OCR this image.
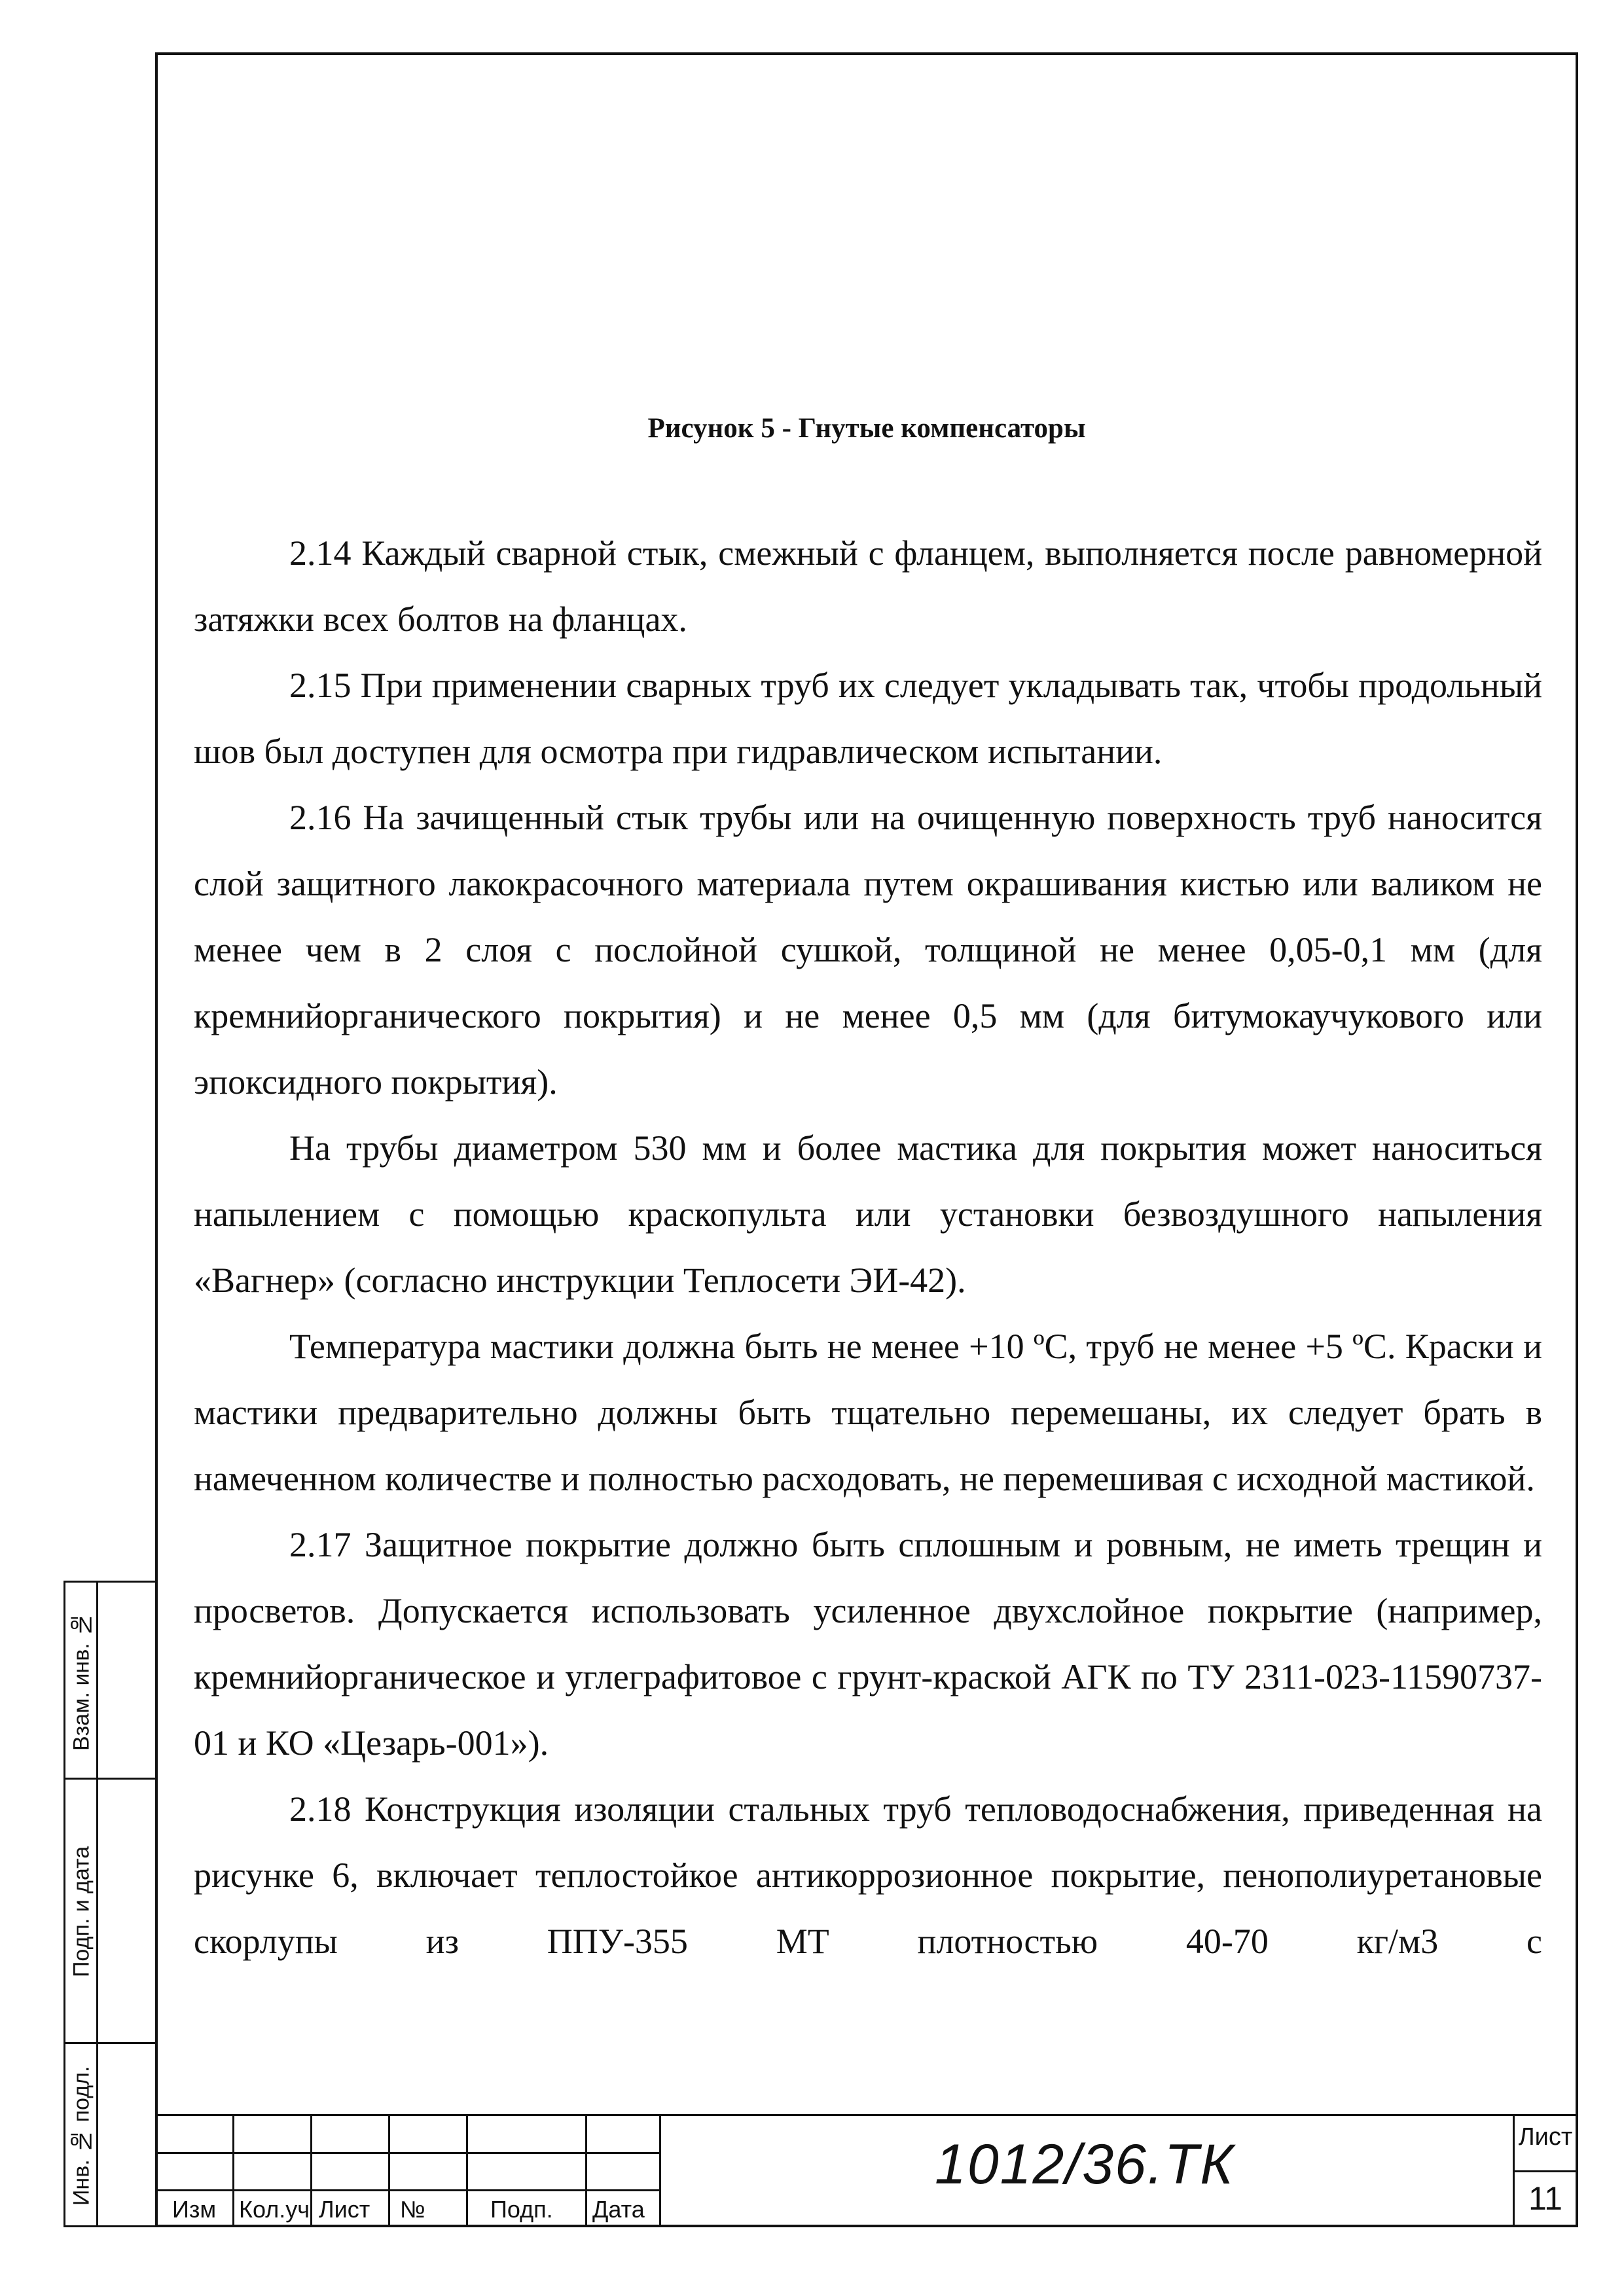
Рисунок 5 - Гнутые компенсаторы

2.14 Каждый сварной стык, смежный с фланцем, выполняется после равномерной затяжки всех болтов на фланцах.

2.15 При применении сварных труб их следует укладывать так, чтобы продольный шов был доступен для осмотра при гидравлическом испытании.

2.16 На зачищенный стык трубы или на очищенную поверхность труб наносится слой защитного лакокрасочного материала путем окрашивания кистью или валиком не менее чем в 2 слоя с послойной сушкой, толщиной не менее 0,05-0,1 мм (для кремнийорганического покрытия) и не менее 0,5 мм (для битумокаучукового или эпоксидного покрытия).

На трубы диаметром 530 мм и более мастика для покрытия может наноситься напылением с помощью краскопульта или установки безвоздушного напыления «Вагнер» (согласно инструкции Теплосети ЭИ-42).

Температура мастики должна быть не менее +10 ºС, труб не менее +5 ºС. Краски и мастики предварительно должны быть тщательно перемешаны, их следует брать в намеченном количестве и полностью расходовать, не перемешивая с исходной мастикой.

2.17 Защитное покрытие должно быть сплошным и ровным, не иметь трещин и просветов. Допускается использовать усиленное двухслойное покрытие (например, кремнийорганическое и углеграфитовое с грунт-краской АГК по ТУ 2311-023-11590737-01 и КО «Цезарь-001»).

2.18 Конструкция изоляции стальных труб тепловодоснабжения, приведенная на рисунке 6, включает теплостойкое антикоррозионное покрытие, пенополиуретановые скорлупы из ППУ-355 МТ плотностью 40-70 кг/м3 с

Взам. инв. №
Подп. и дата
Инв. № подл.
Изм Кол.уч Лист №	Подп. Дата
1012/36.ТК	Лист
11
